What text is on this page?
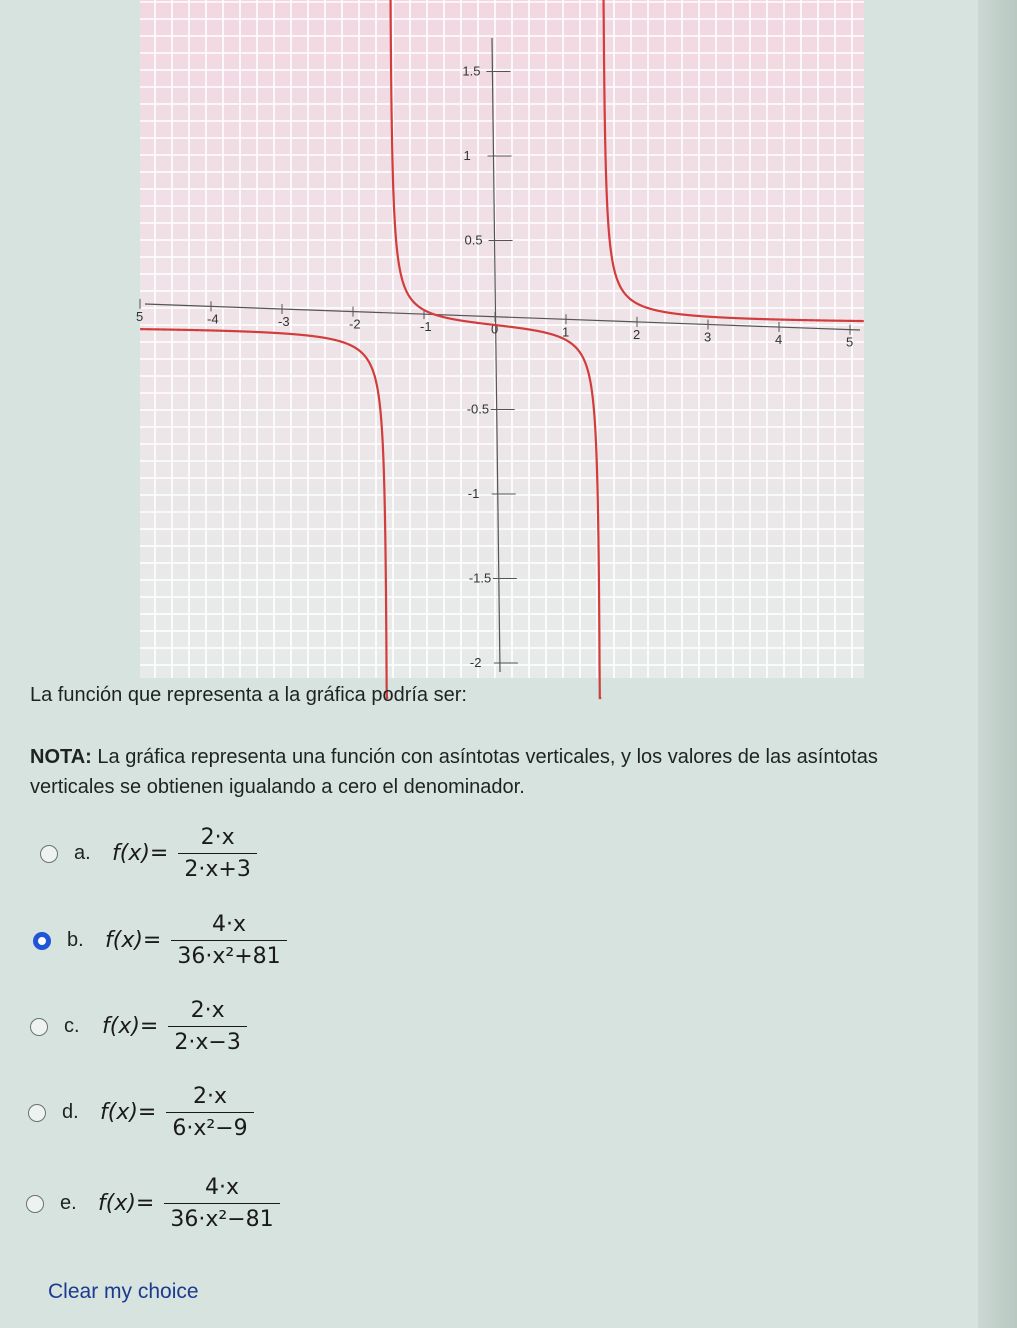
5	-4	-3	-2	-1	0	1	2	3	4	5
1.5
1
0.5
-0.5
-1
-1.5
-2

La función que representa a la gráfica podría ser:

NOTA: La gráfica representa una función con asíntotas verticales, y los valores de las asíntotas verticales se obtienen igualando a cero el denominador.

a. $f(x)= \frac{2\cdot x}{2\cdot x+3}$
b. $f(x)= \frac{4\cdot x}{\text{36·x²+81}}$
c.	$f(x)= \frac{2\cdot x}{2\cdot x-3}$
d. $f(x)= \frac{2\cdot x}{\text{6·x²−9}}$
e. $f(x)= \frac{4\cdot x}{\text{36·x²−81}}$
Clear my choice
